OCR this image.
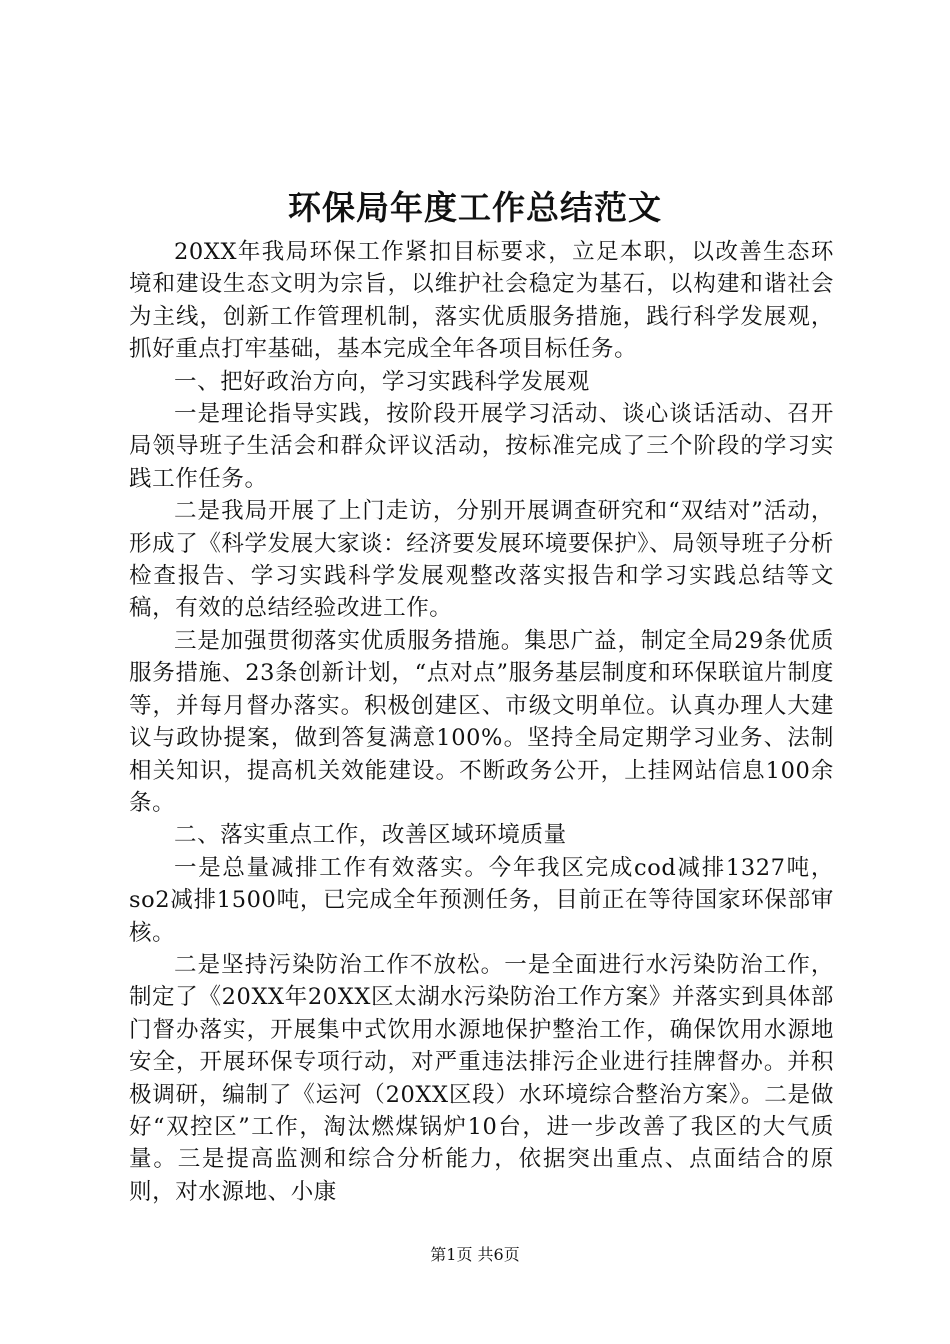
环保局年度工作总结范文

20XX年我局环保工作紧扣目标要求，立足本职，以改善生态环境和建设生态文明为宗旨，以维护社会稳定为基石，以构建和谐社会为主线，创新工作管理机制，落实优质服务措施，践行科学发展观，抓好重点打牢基础，基本完成全年各项目标任务。

一、把好政治方向，学习实践科学发展观

一是理论指导实践，按阶段开展学习活动、谈心谈话活动、召开局领导班子生活会和群众评议活动，按标准完成了三个阶段的学习实践工作任务。

二是我局开展了上门走访，分别开展调查研究和“双结对”活动，形成了《科学发展大家谈：经济要发展环境要保护》、局领导班子分析检查报告、学习实践科学发展观整改落实报告和学习实践总结等文稿，有效的总结经验改进工作。

三是加强贯彻落实优质服务措施。集思广益，制定全局29条优质服务措施、23条创新计划，“点对点”服务基层制度和环保联谊片制度等，并每月督办落实。积极创建区、市级文明单位。认真办理人大建议与政协提案，做到答复满意100%。坚持全局定期学习业务、法制相关知识，提高机关效能建设。不断政务公开，上挂网站信息100余条。

二、落实重点工作，改善区域环境质量

一是总量减排工作有效落实。今年我区完成cod减排1327吨，so2减排1500吨，已完成全年预测任务，目前正在等待国家环保部审核。

二是坚持污染防治工作不放松。一是全面进行水污染防治工作，制定了《20XX年20XX区太湖水污染防治工作方案》并落实到具体部门督办落实，开展集中式饮用水源地保护整治工作，确保饮用水源地安全，开展环保专项行动，对严重违法排污企业进行挂牌督办。并积极调研，编制了《运河（20XX区段）水环境综合整治方案》。二是做好“双控区”工作，淘汰燃煤锅炉10台，进一步改善了我区的大气质量。三是提高监测和综合分析能力，依据突出重点、点面结合的原则，对水源地、小康

第1页 共6页
